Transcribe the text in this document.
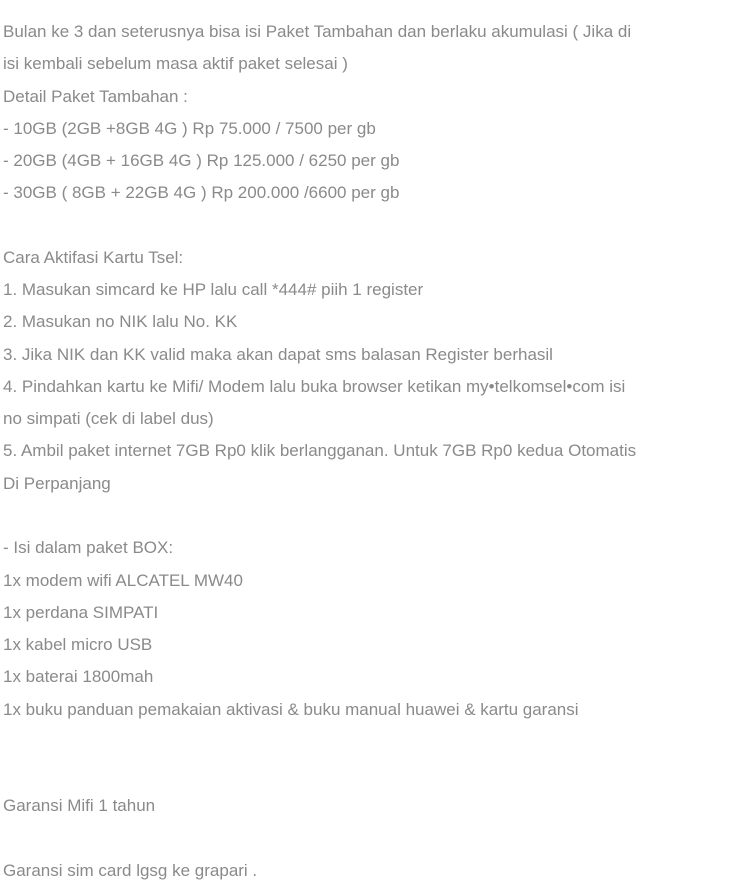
Bulan ke 3 dan seterusnya bisa isi Paket Tambahan dan berlaku akumulasi ( Jika di
isi kembali sebelum masa aktif paket selesai )
Detail Paket Tambahan :
- 10GB (2GB +8GB 4G ) Rp 75.000 / 7500 per gb
- 20GB (4GB + 16GB 4G ) Rp 125.000 / 6250 per gb
- 30GB ( 8GB + 22GB 4G ) Rp 200.000 /6600 per gb

Cara Aktifasi Kartu Tsel:
1. Masukan simcard ke HP lalu call *444# piih 1 register
2. Masukan no NIK lalu No. KK
3. Jika NIK dan KK valid maka akan dapat sms balasan Register berhasil
4. Pindahkan kartu ke Mifi/ Modem lalu buka browser ketikan my•telkomsel•com isi
no simpati (cek di label dus)
5. Ambil paket internet 7GB Rp0 klik berlangganan. Untuk 7GB Rp0 kedua Otomatis
Di Perpanjang

- Isi dalam paket BOX:
1x modem wifi ALCATEL MW40
1x perdana SIMPATI
1x kabel micro USB
1x baterai 1800mah
1x buku panduan pemakaian aktivasi & buku manual huawei & kartu garansi

Garansi Mifi 1 tahun

Garansi sim card lgsg ke grapari .
